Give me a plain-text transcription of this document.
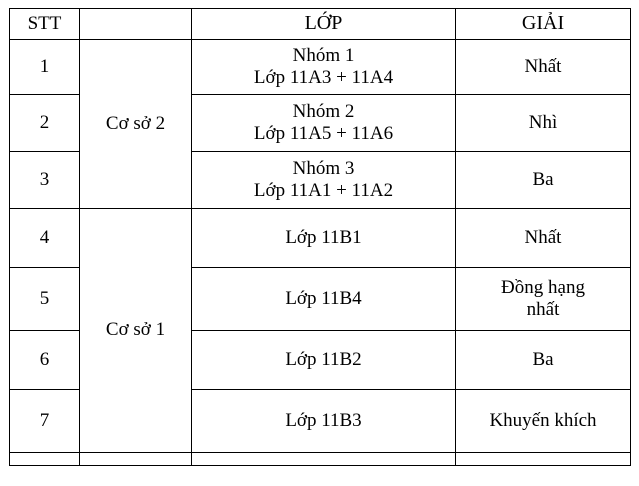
STT		LỚP	GIẢI
1	Cơ sở 2	Nhóm 1
Lớp 11A3 + 11A4	Nhất
2		Nhóm 2
Lớp 11A5 + 11A6	Nhì
3		Nhóm 3
Lớp 11A1 + 11A2	Ba
4	Cơ sở 1	Lớp 11B1	Nhất
5		Lớp 11B4	Đồng hạng
nhất

6		Lớp 11B2	Ba
7		Lớp 11B3	Khuyến khích
